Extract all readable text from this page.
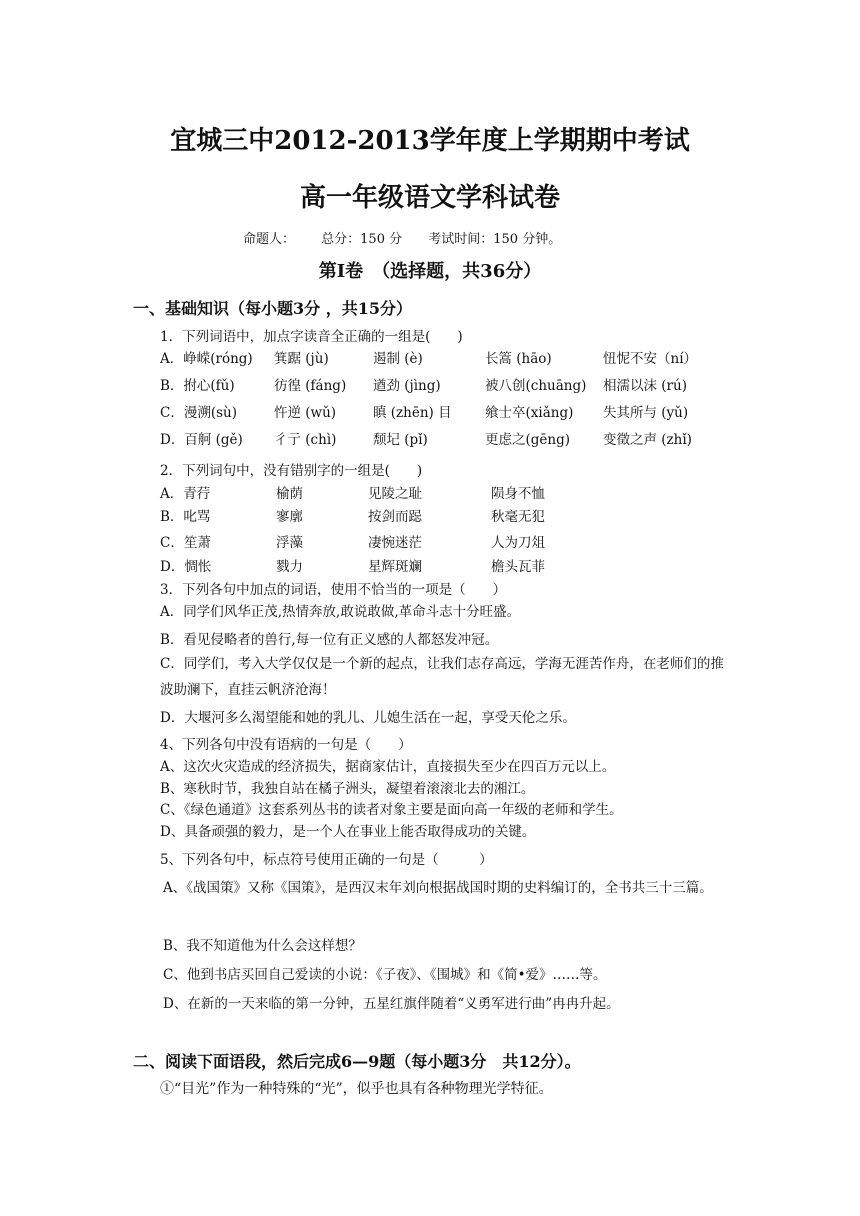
宜城三中2012-2013学年度上学期期中考试
高一年级语文学科试卷
命题人： 总分：150 分 考试时间：150 分钟。
第Ⅰ卷　（选择题，共36分）
一、基础知识（每小题3分 ，共15分）
1．下列词语中，加点字读音全正确的一组是(　　)
A．峥嵘(róng) 箕踞 (jù)	遏制 (è)	长篙 (hāo)	忸怩不安（ní）
B．拊心(fǔ)	彷徨 (fáng) 遒劲 (jìng)	被八创(chuāng) 相濡以沫 (rú)
C．漫溯(sù)	忤逆 (wǔ)	瞋 (zhēn) 目 飨士卒(xiǎng) 失其所与 (yǔ)
D．百舸 (gě) 彳亍 (chì)	颓圮 (pǐ)	更虑之(gēng) 变徵之声 (zhǐ)
2．下列词句中，没有错别字的一组是(　　)
A．青荇	榆荫	见陵之耻	陨身不恤
B．叱骂	寥廓	按剑而跽	秋毫无犯
C．笙萧	浮藻	凄惋迷茫	人为刀俎
D．惆怅	戮力	星辉斑斓	檐头瓦菲
3．下列各句中加点的词语，使用不恰当的一项是（　　）
A．同学们风华正茂,热情奔放,敢说敢做,革命斗志十分旺盛。
B．看见侵略者的兽行,每一位有正义感的人都怒发冲冠。
C．同学们，考入大学仅仅是一个新的起点，让我们志存高远，学海无涯苦作舟，在老师们的推波助澜下，直挂云帆济沧海！
D．大堰河多么渴望能和她的乳儿、儿媳生活在一起，享受天伦之乐。
4、下列各句中没有语病的一句是（　　）
A、这次火灾造成的经济损失，据商家估计，直接损失至少在四百万元以上。
B、寒秋时节，我独自站在橘子洲头，凝望着滚滚北去的湘江。
C、《绿色通道》这套系列丛书的读者对象主要是面向高一年级的老师和学生。
D、具备顽强的毅力，是一个人在事业上能否取得成功的关键。
5、下列各句中，标点符号使用正确的一句是（　　　）
A、《战国策》又称《国策》，是西汉末年刘向根据战国时期的史料编订的，全书共三十三篇。
B、我不知道他为什么会这样想？
C、他到书店买回自己爱读的小说：《子夜》、《围城》和《简•爱》……等。
D、在新的一天来临的第一分钟，五星红旗伴随着“义勇军进行曲”冉冉升起。
二、阅读下面语段，然后完成6—9题（每小题3分　共12分）。
①“目光”作为一种特殊的“光”，似乎也具有各种物理光学特征。
